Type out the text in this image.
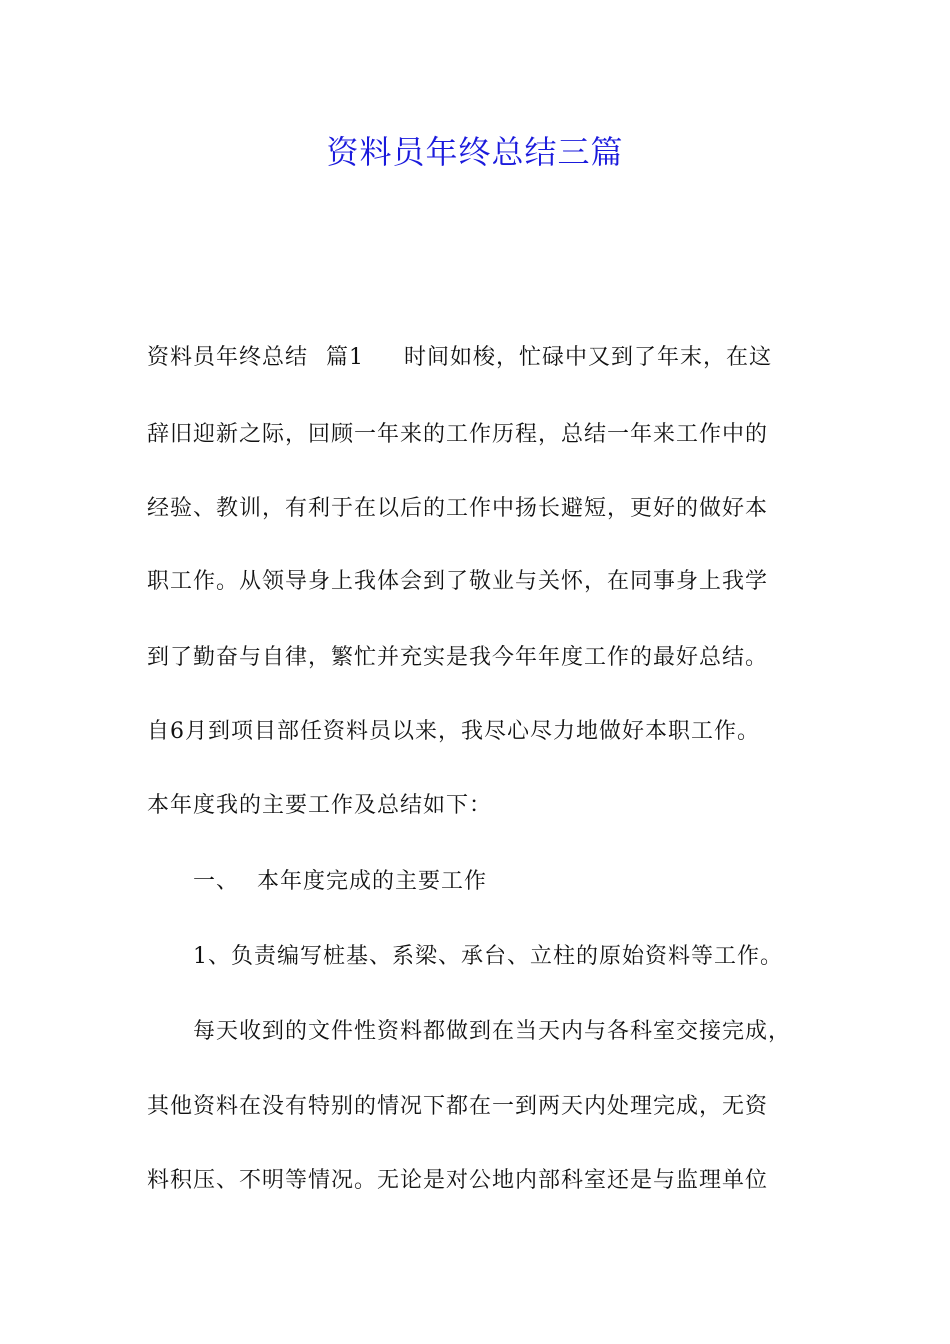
资料员年终总结三篇
资料员年终总结 篇1 时间如梭，忙碌中又到了年末，在这
辞旧迎新之际，回顾一年来的工作历程，总结一年来工作中的
经验、教训，有利于在以后的工作中扬长避短，更好的做好本
职工作。从领导身上我体会到了敬业与关怀，在同事身上我学
到了勤奋与自律，繁忙并充实是我今年年度工作的最好总结。
自6月到项目部任资料员以来，我尽心尽力地做好本职工作。
本年度我的主要工作及总结如下：
一、 本年度完成的主要工作
1、负责编写桩基、系梁、承台、立柱的原始资料等工作。
每天收到的文件性资料都做到在当天内与各科室交接完成，
其他资料在没有特别的情况下都在一到两天内处理完成，无资
料积压、不明等情况。无论是对公地内部科室还是与监理单位
